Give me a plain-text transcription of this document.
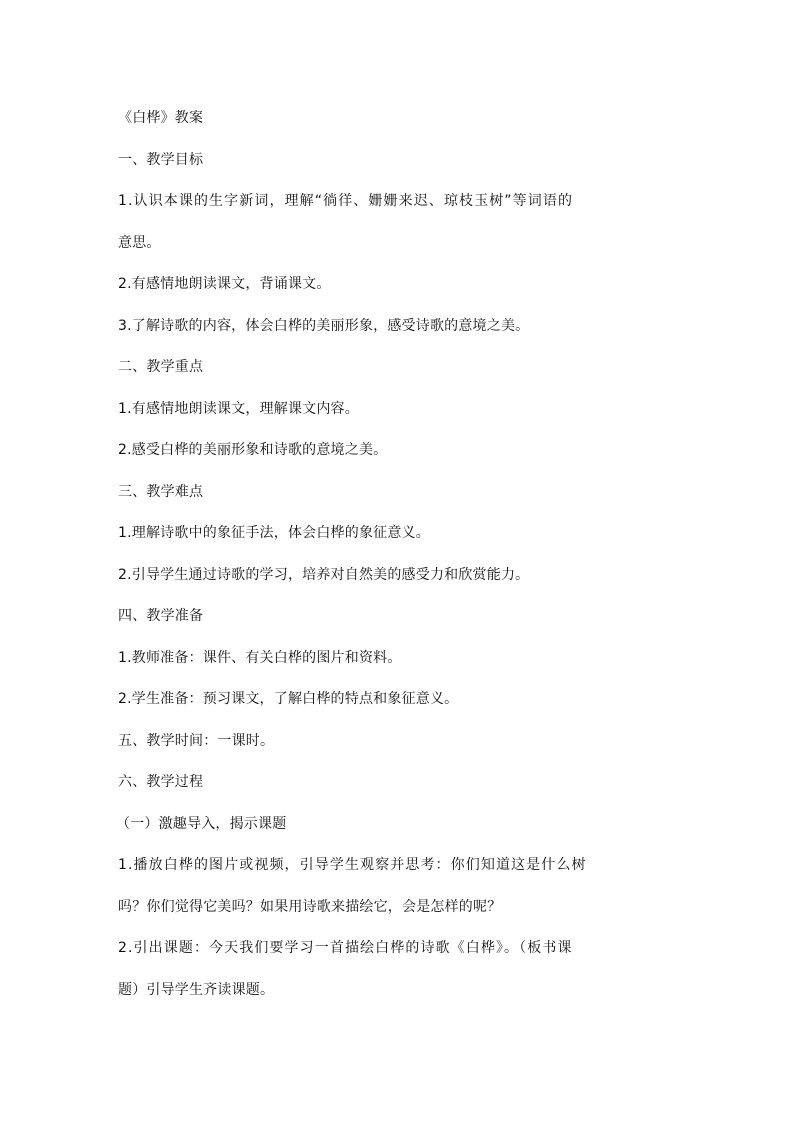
《白桦》教案
一、教学目标
1.认识本课的生字新词，理解“徜徉、姗姗来迟、琼枝玉树”等词语的
意思。
2.有感情地朗读课文，背诵课文。
3.了解诗歌的内容，体会白桦的美丽形象，感受诗歌的意境之美。
二、教学重点
1.有感情地朗读课文，理解课文内容。
2.感受白桦的美丽形象和诗歌的意境之美。
三、教学难点
1.理解诗歌中的象征手法，体会白桦的象征意义。
2.引导学生通过诗歌的学习，培养对自然美的感受力和欣赏能力。
四、教学准备
1.教师准备：课件、有关白桦的图片和资料。
2.学生准备：预习课文，了解白桦的特点和象征意义。
五、教学时间：一课时。
六、教学过程
（一）激趣导入，揭示课题
1.播放白桦的图片或视频，引导学生观察并思考：你们知道这是什么树
吗？你们觉得它美吗？如果用诗歌来描绘它，会是怎样的呢？
2.引出课题：今天我们要学习一首描绘白桦的诗歌《白桦》。（板书课
题）引导学生齐读课题。
